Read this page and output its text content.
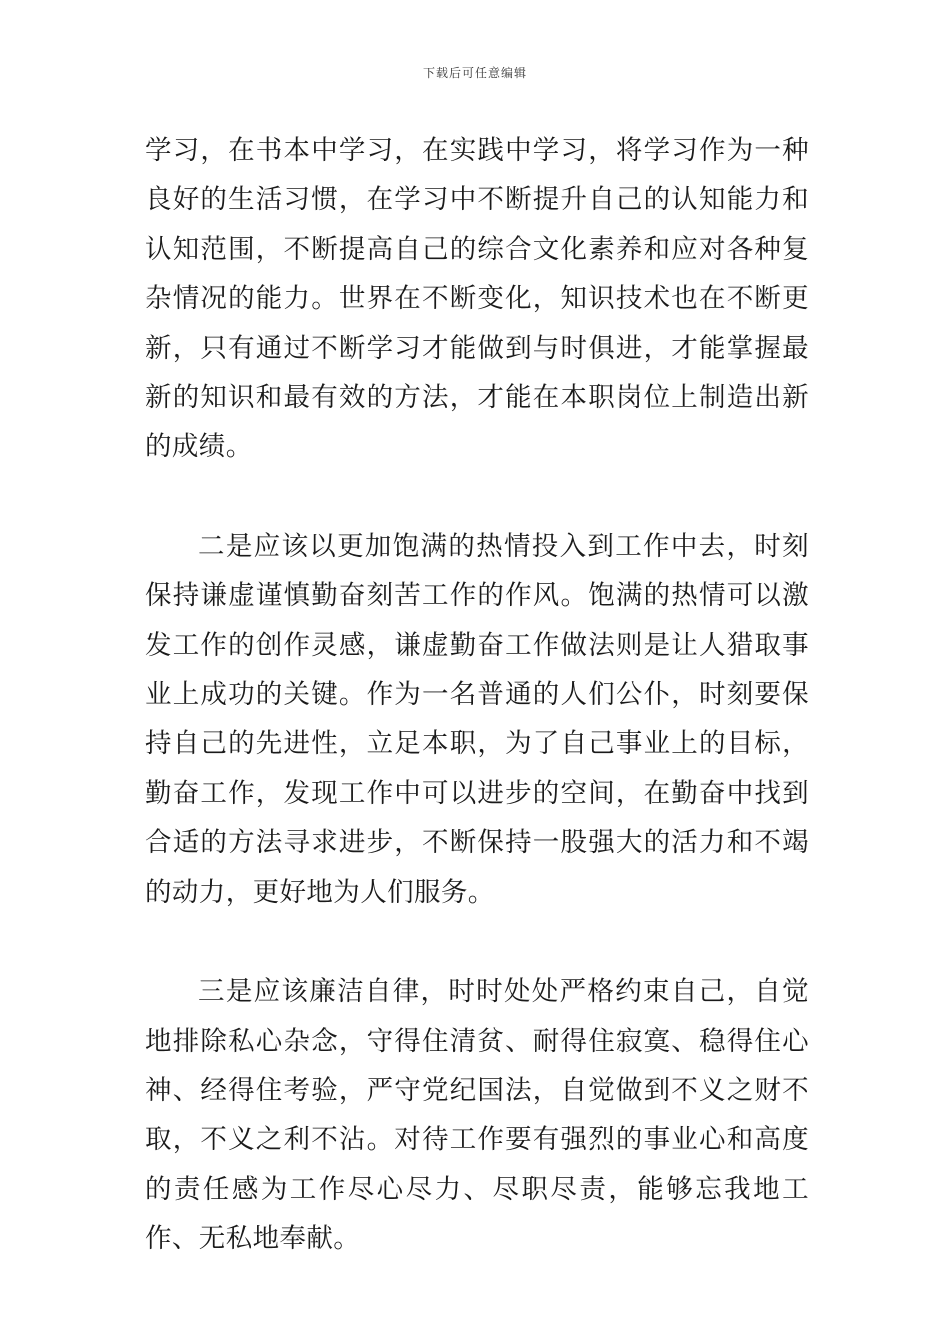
下载后可任意编辑

学习，在书本中学习，在实践中学习，将学习作为一种良好的生活习惯，在学习中不断提升自己的认知能力和认知范围，不断提高自己的综合文化素养和应对各种复杂情况的能力。世界在不断变化，知识技术也在不断更新，只有通过不断学习才能做到与时俱进，才能掌握最新的知识和最有效的方法，才能在本职岗位上制造出新的成绩。

二是应该以更加饱满的热情投入到工作中去，时刻保持谦虚谨慎勤奋刻苦工作的作风。饱满的热情可以激发工作的创作灵感，谦虚勤奋工作做法则是让人猎取事业上成功的关键。作为一名普通的人们公仆，时刻要保持自己的先进性，立足本职，为了自己事业上的目标，勤奋工作，发现工作中可以进步的空间，在勤奋中找到合适的方法寻求进步，不断保持一股强大的活力和不竭的动力，更好地为人们服务。

三是应该廉洁自律，时时处处严格约束自己，自觉地排除私心杂念，守得住清贫、耐得住寂寞、稳得住心神、经得住考验，严守党纪国法，自觉做到不义之财不取，不义之利不沾。对待工作要有强烈的事业心和高度的责任感为工作尽心尽力、尽职尽责，能够忘我地工作、无私地奉献。
